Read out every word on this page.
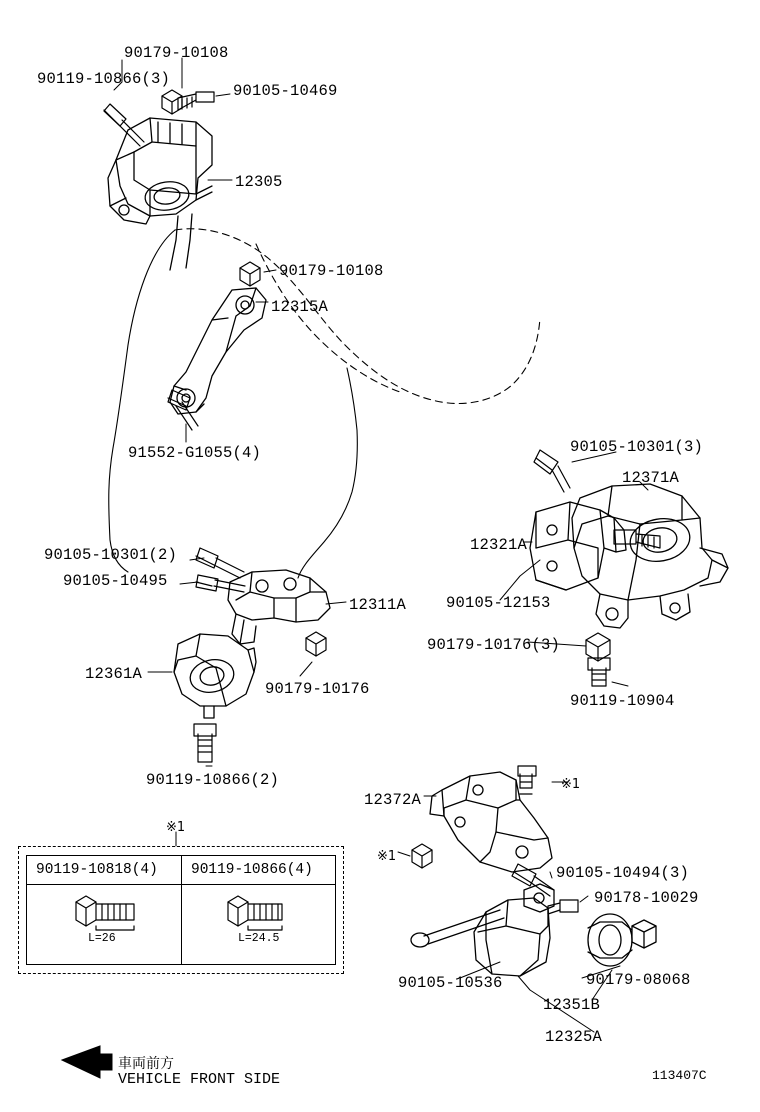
90179-10108
90119-10866(3)
90105-10469
12305
90179-10108
12315A
91552-G1055(4)	90105-10301(3)
12371A
12321A
90105-10301(2)
90105-10495
90105-12153
12311A
90179-10176(3)
12361A
90179-10176
90119-10904
90119-10866(2)
12372A
90105-10494(3)
90178-10029
90179-08068
12351B
90105-10536
12325A
※1
※1
※1
90119-10818(4) 90119-10866(4)
L=26	L=24.5
車両前方
VEHICLE FRONT SIDE	113407C
